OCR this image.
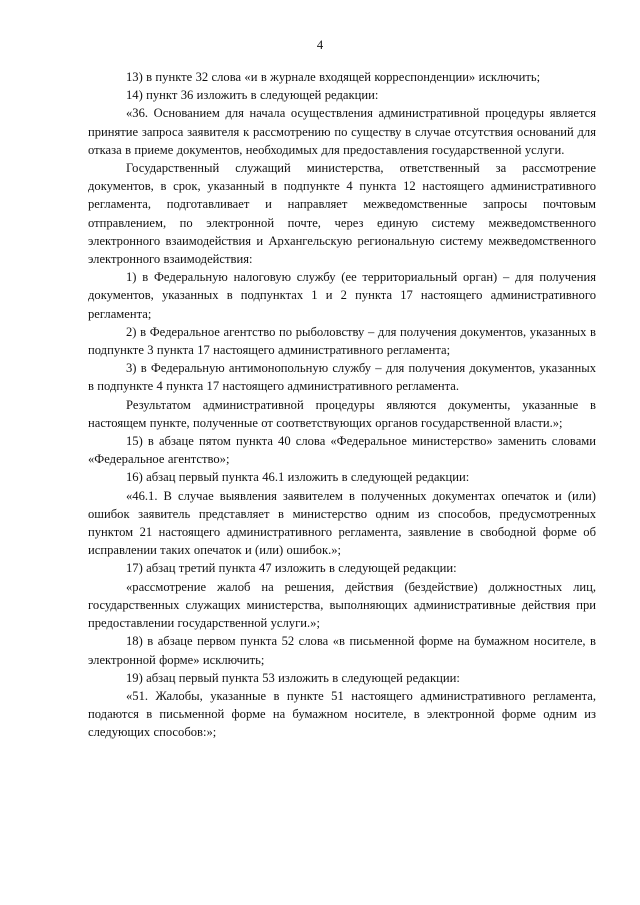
4

13) в пункте 32 слова «и в журнале входящей корреспонденции» исключить;

14) пункт 36 изложить в следующей редакции:

«36. Основанием для начала осуществления административной процедуры является принятие запроса заявителя к рассмотрению по существу в случае отсутствия оснований для отказа в приеме документов, необходимых для предоставления государственной услуги.

Государственный служащий министерства, ответственный за рассмотрение документов, в срок, указанный в подпункте 4 пункта 12 настоящего административного регламента, подготавливает и направляет межведомственные запросы почтовым отправлением, по электронной почте, через единую систему межведомственного электронного взаимодействия и Архангельскую региональную систему межведомственного электронного взаимодействия:

1) в Федеральную налоговую службу (ее территориальный орган) – для получения документов, указанных в подпунктах 1 и 2 пункта 17 настоящего административного регламента;

2) в Федеральное агентство по рыболовству – для получения документов, указанных в подпункте 3 пункта 17 настоящего административного регламента;

3) в Федеральную антимонопольную службу – для получения документов, указанных в подпункте 4 пункта 17 настоящего административного регламента.

Результатом административной процедуры являются документы, указанные в настоящем пункте, полученные от соответствующих органов государственной власти.»;

15) в абзаце пятом пункта 40 слова «Федеральное министерство» заменить словами «Федеральное агентство»;

16) абзац первый пункта 46.1 изложить в следующей редакции:

«46.1. В случае выявления заявителем в полученных документах опечаток и (или) ошибок заявитель представляет в министерство одним из способов, предусмотренных пунктом 21 настоящего административного регламента, заявление в свободной форме об исправлении таких опечаток и (или) ошибок.»;

17) абзац третий пункта 47 изложить в следующей редакции:

«рассмотрение жалоб на решения, действия (бездействие) должностных лиц, государственных служащих министерства, выполняющих административные действия при предоставлении государственной услуги.»;

18) в абзаце первом пункта 52 слова «в письменной форме на бумажном носителе, в электронной форме» исключить;

19) абзац первый пункта 53 изложить в следующей редакции:

«51. Жалобы, указанные в пункте 51 настоящего административного регламента, подаются в письменной форме на бумажном носителе, в электронной форме одним из следующих способов:»;
